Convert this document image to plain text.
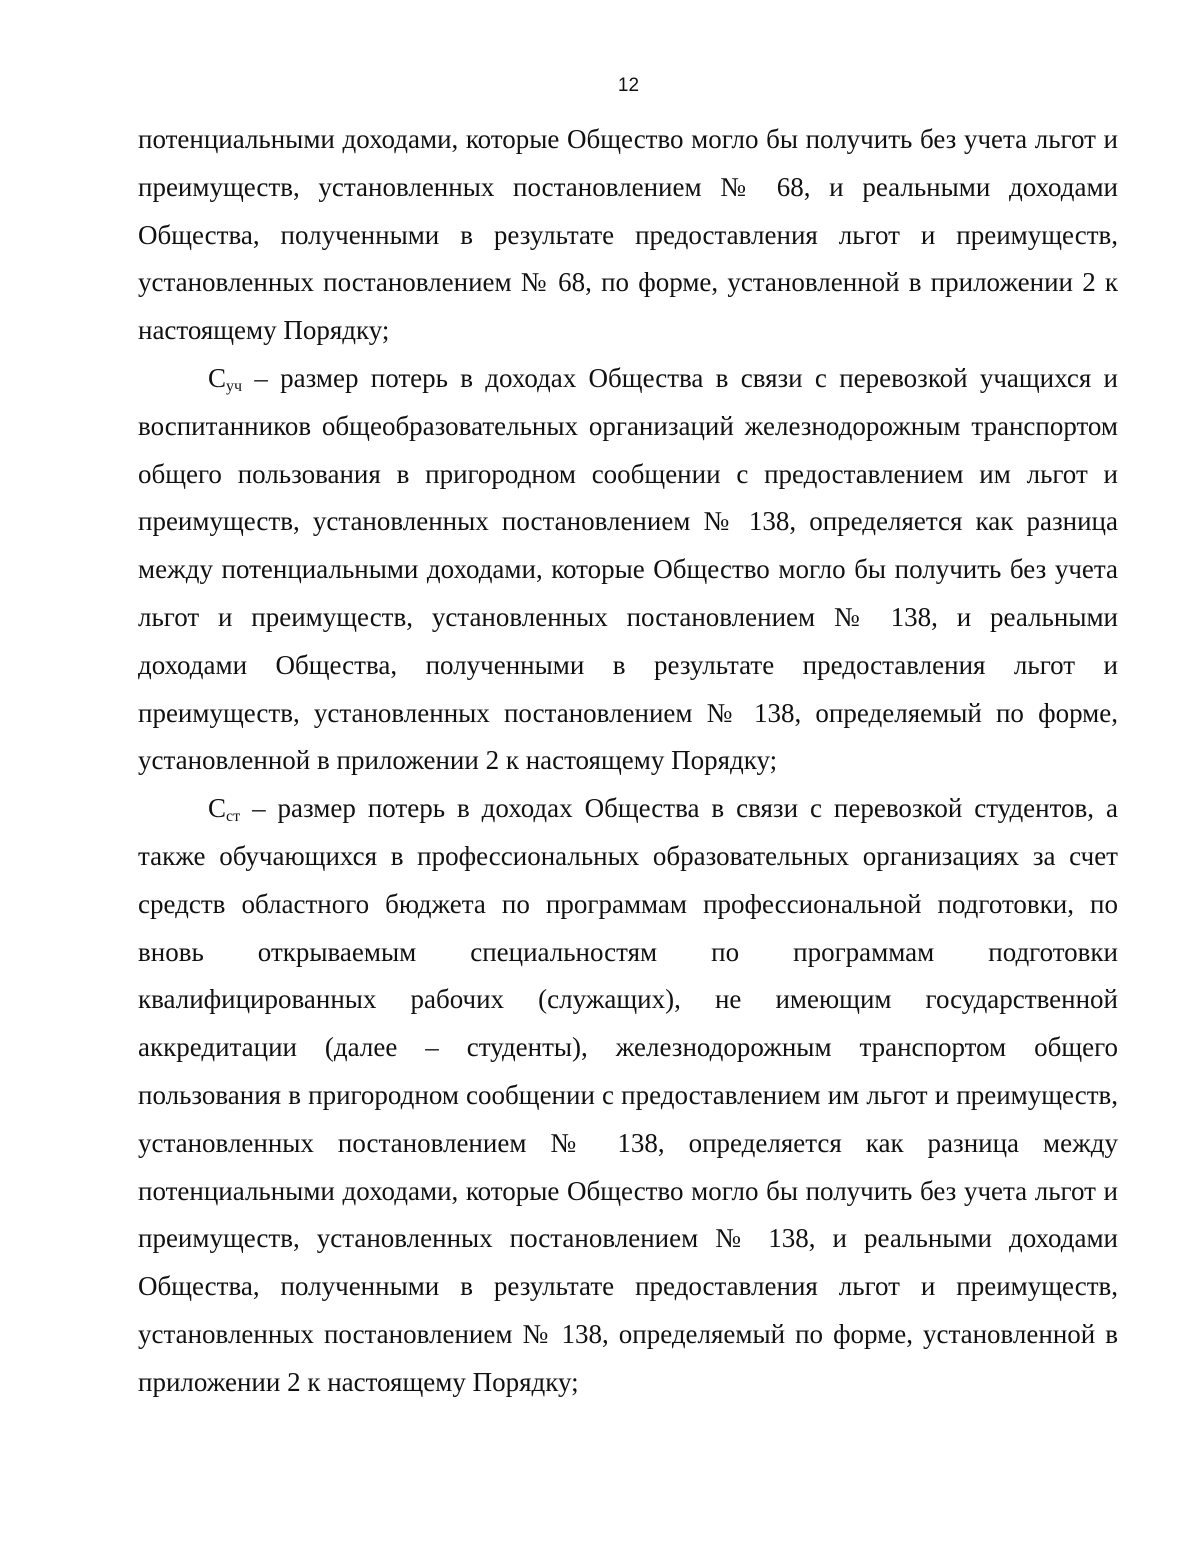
12

потенциальными доходами, которые Общество могло бы получить без учета льгот и преимуществ, установленных постановлением № 68, и реальными доходами Общества, полученными в результате предоставления льгот и преимуществ, установленных постановлением № 68, по форме, установленной в приложении 2 к настоящему Порядку;

$С_{уч}$ – размер потерь в доходах Общества в связи с перевозкой учащихся и воспитанников общеобразовательных организаций железнодорожным транспортом общего пользования в пригородном сообщении с предоставлением им льгот и преимуществ, установленных постановлением № 138, определяется как разница между потенциальными доходами, которые Общество могло бы получить без учета льгот и преимуществ, установленных постановлением № 138, и реальными доходами Общества, полученными в результате предоставления льгот и преимуществ, установленных постановлением № 138, определяемый по форме, установленной в приложении 2 к настоящему Порядку;

$С_{ст}$ – размер потерь в доходах Общества в связи с перевозкой студентов, а также обучающихся в профессиональных образовательных организациях за счет средств областного бюджета по программам профессиональной подготовки, по вновь открываемым специальностям по программам подготовки квалифицированных рабочих (служащих), не имеющим государственной аккредитации (далее – студенты), железнодорожным транспортом общего пользования в пригородном сообщении с предоставлением им льгот и преимуществ, установленных постановлением № 138, определяется как разница между потенциальными доходами, которые Общество могло бы получить без учета льгот и преимуществ, установленных постановлением № 138, и реальными доходами Общества, полученными в результате предоставления льгот и преимуществ, установленных постановлением № 138, определяемый по форме, установленной в приложении 2 к настоящему Порядку;
